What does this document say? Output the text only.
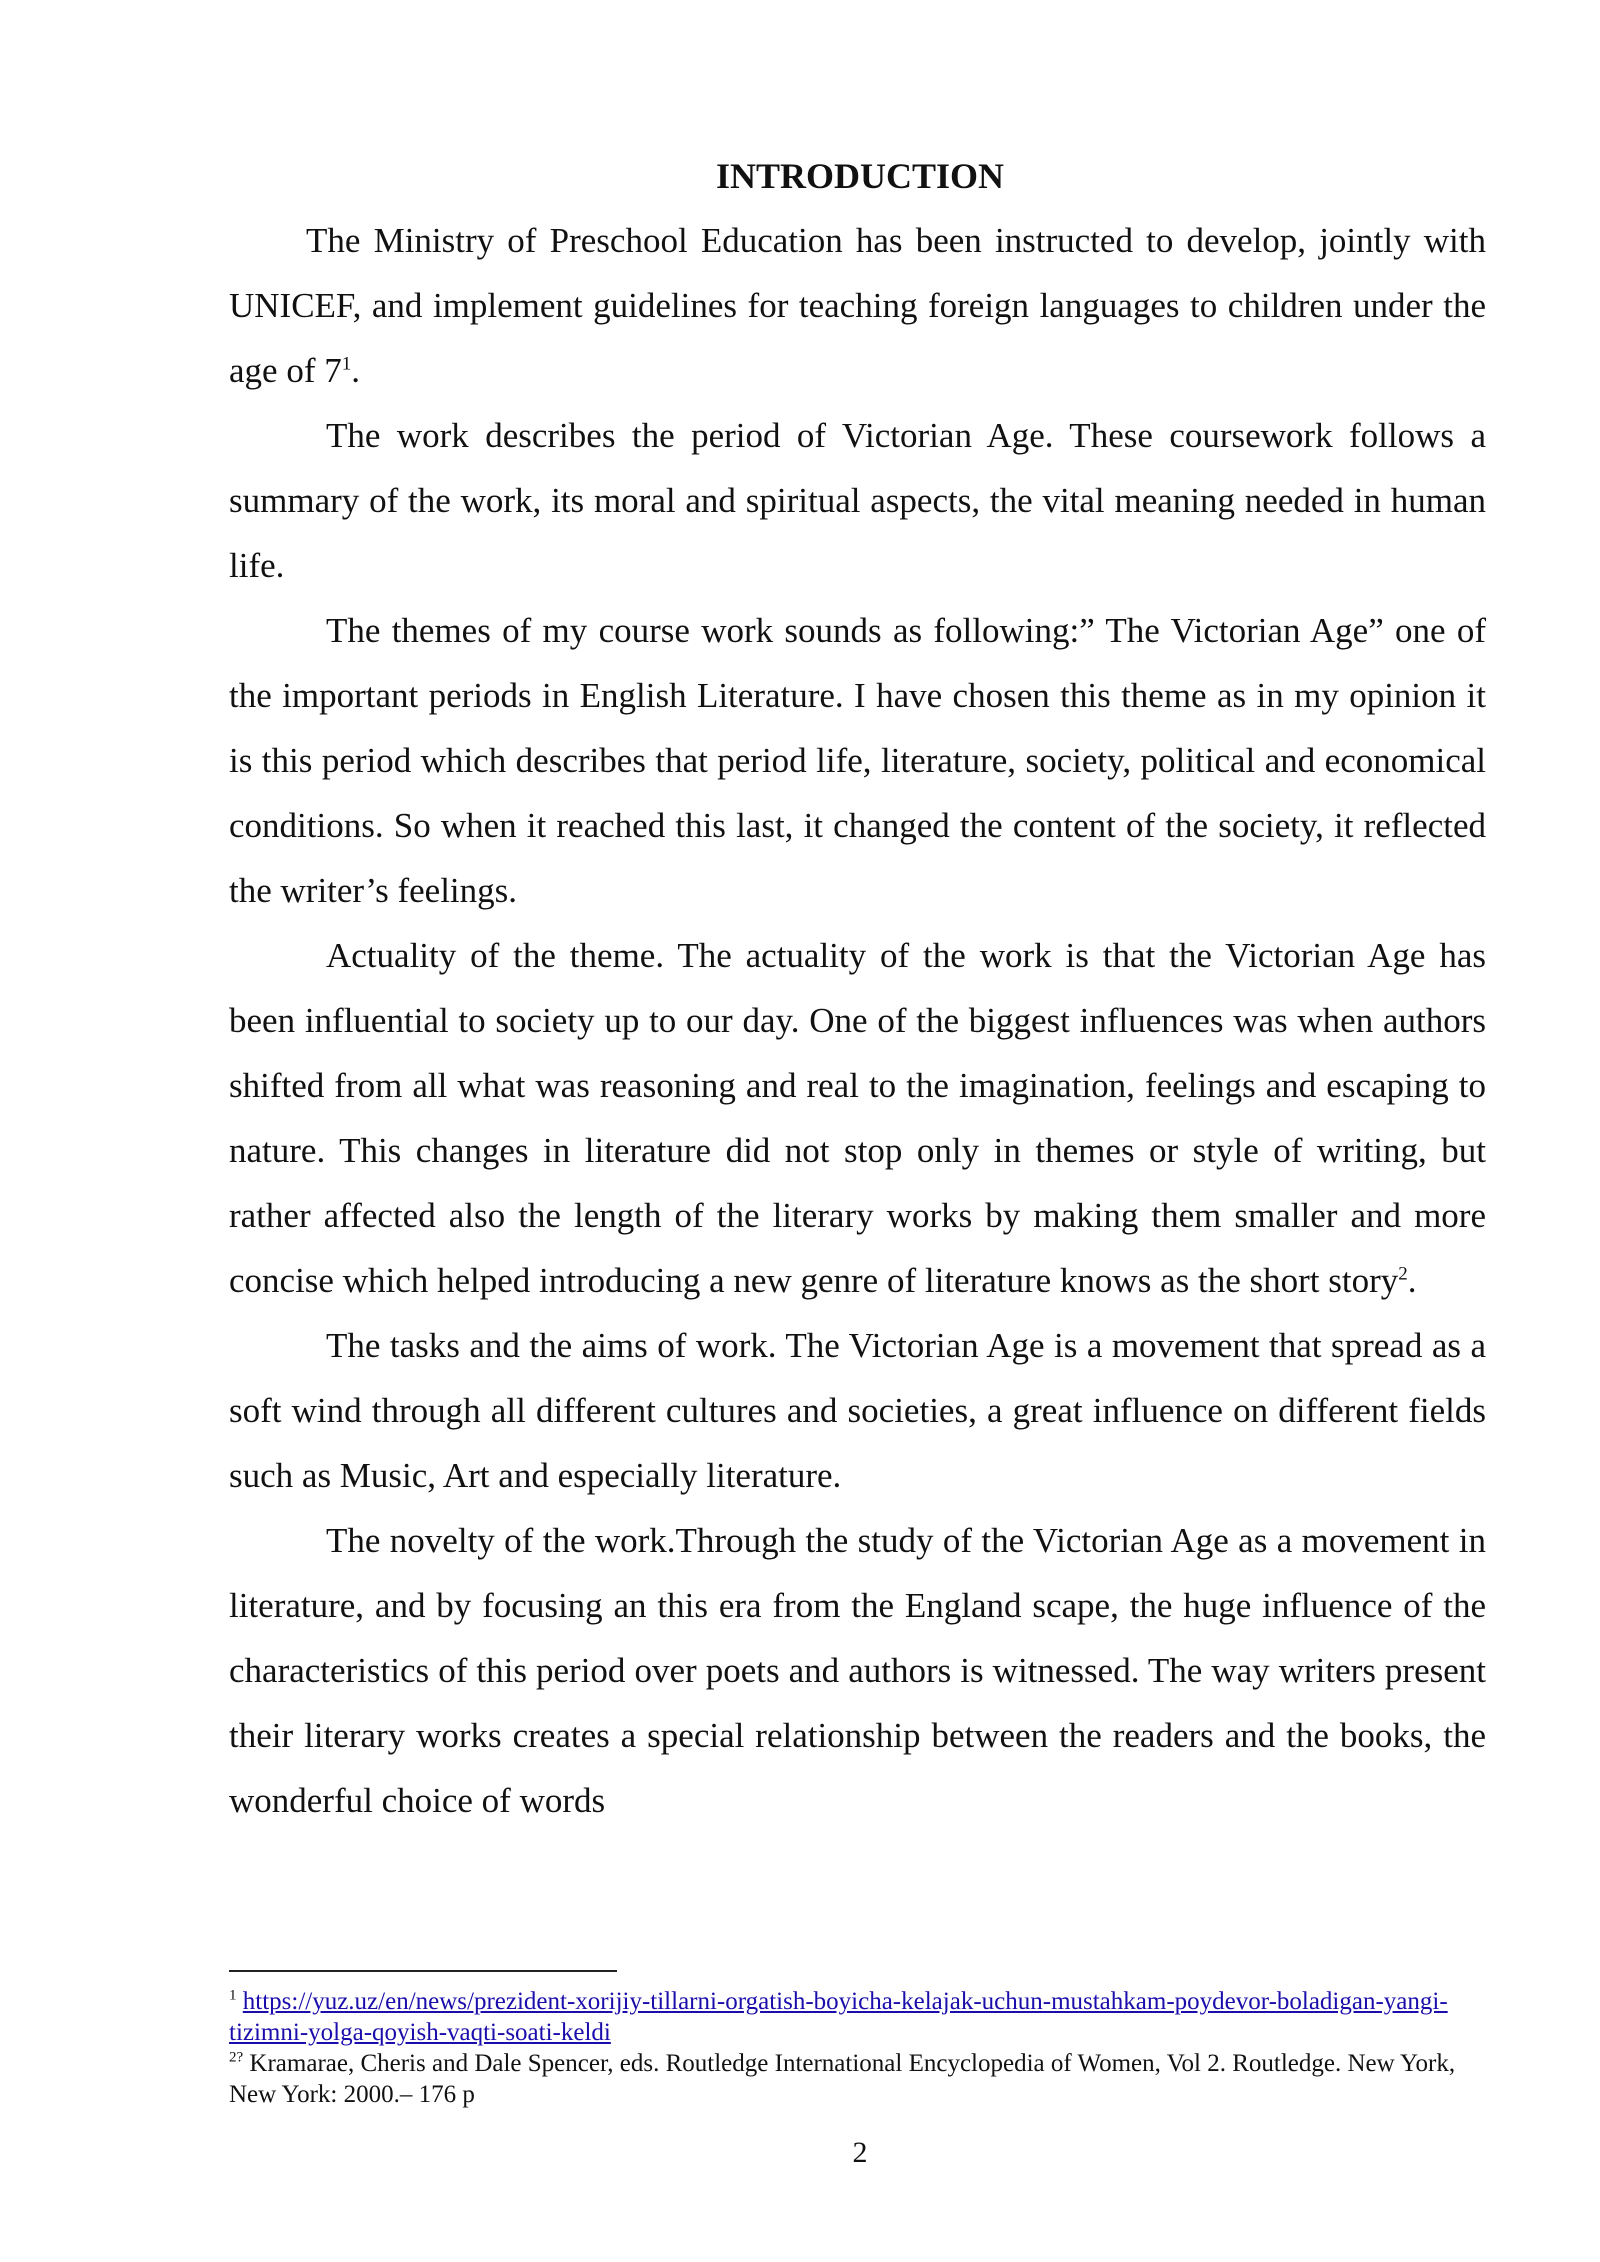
INTRODUCTION

The Ministry of Preschool Education has been instructed to develop, jointly with UNICEF, and implement guidelines for teaching foreign languages to children under the age of $7^1$.

The work describes the period of Victorian Age. These coursework follows a summary of the work, its moral and spiritual aspects, the vital meaning needed in human life.

The themes of my course work sounds as following:” The Victorian Age” one of the important periods in English Literature. I have chosen this theme as in my opinion it is this period which describes that period life, literature, society, political and economical conditions. So when it reached this last, it changed the content of the society, it reflected the writer’s feelings.

Actuality of the theme. The actuality of the work is that the Victorian Age has been influential to society up to our day. One of the biggest influences was when authors shifted from all what was reasoning and real to the imagination, feelings and escaping to nature. This changes in literature did not stop only in themes or style of writing, but rather affected also the length of the literary works by making them smaller and more concise which helped introducing a new genre of literature knows as the short story$^2$.

The tasks and the aims of work. The Victorian Age is a movement that spread as a soft wind through all different cultures and societies, a great influence on different fields such as Music, Art and especially literature.

The novelty of the work.Through the study of the Victorian Age as a movement in literature, and by focusing an this era from the England scape, the huge influence of the characteristics of this period over poets and authors is witnessed. The way writers present their literary works creates a special relationship between the readers and the books, the wonderful choice of words

$^1$ https://yuz.uz/en/news/prezident-xorijiy-tillarni-orgatish-boyicha-kelajak-uchun-mustahkam-poydevor-boladigan-yangi-tizimni-yolga-qoyish-vaqti-soati-keldi

$^{2?}$ Kramarae, Cheris and Dale Spencer, eds. Routledge International Encyclopedia of Women, Vol 2. Routledge. New York, New York: 2000.– 176 p

2
